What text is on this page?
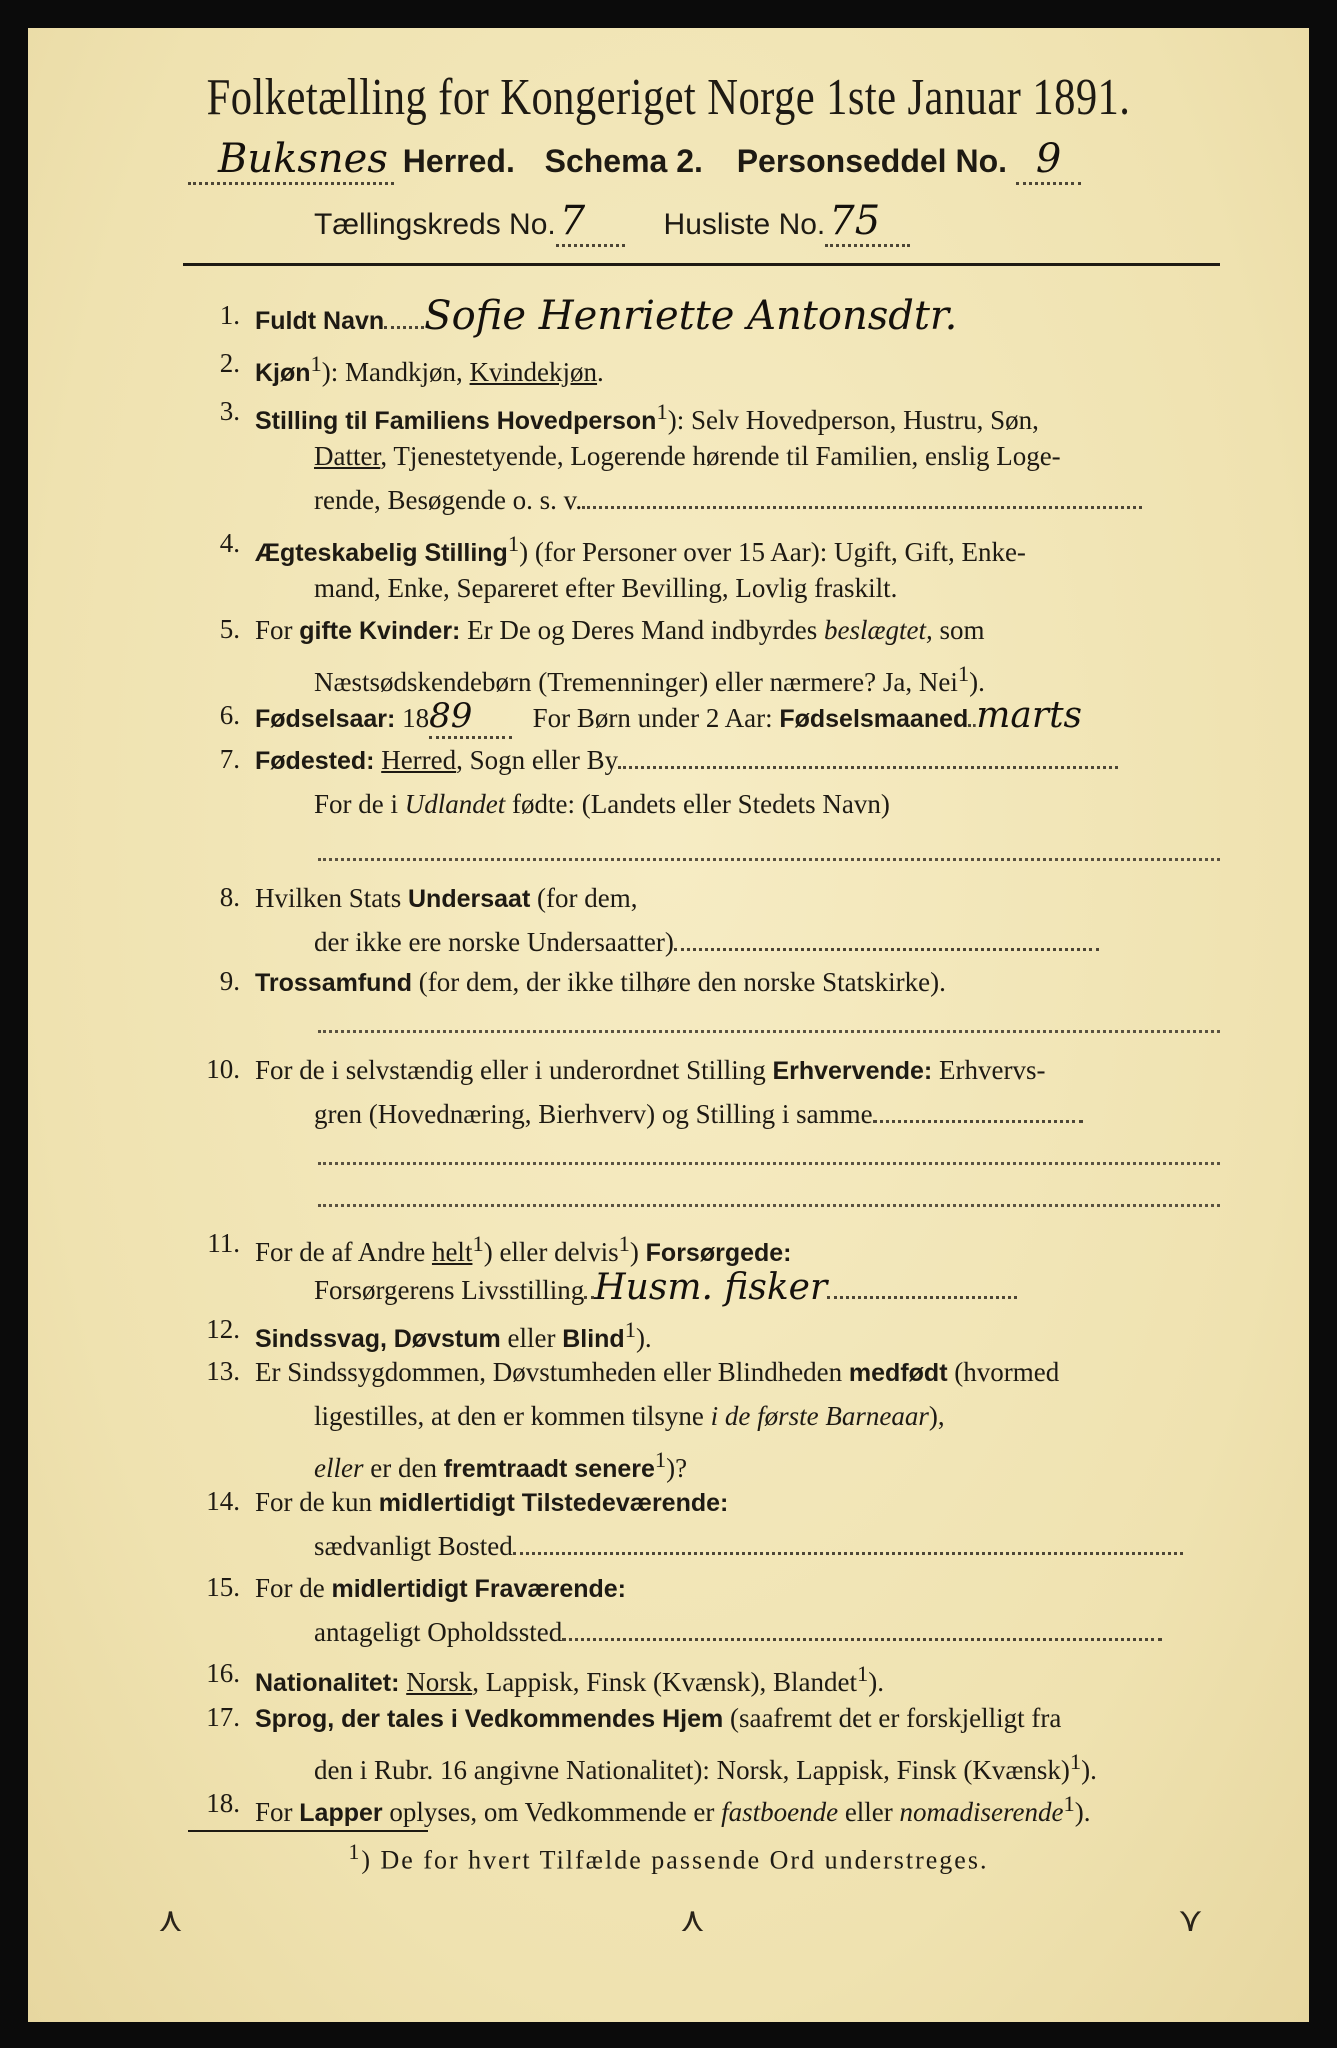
Folketælling for Kongeriget Norge 1ste Januar 1891.
Buksnes Herred. Schema 2. Personseddel No. 9
Tællingskreds No. 7	Husliste No. 75
1. Fuldt Navn Sofie Henriette Antonsdtr.
2. Kjøn$^1$): Mandkjøn, Kvindekjøn.
3. Stilling til Familiens Hovedperson$^1$): Selv Hovedperson, Hustru, Søn,
Datter, Tjenestetyende, Logerende hørende til Familien, enslig Loge-
rende, Besøgende o. s. v.
4. Ægteskabelig Stilling$^1$) (for Personer over 15 Aar): Ugift, Gift, Enke-
mand, Enke, Separeret efter Bevilling, Lovlig fraskilt.
5. For gifte Kvinder: Er De og Deres Mand indbyrdes beslægtet, som
Næstsødskendebørn (Tremenninger) eller nærmere? Ja, Nei$^1$).
6. Fødselsaar: 1889 For Børn under 2 Aar: Fødselsmaaned marts
7. Fødested: Herred, Sogn eller By
For de i Udlandet fødte: (Landets eller Stedets Navn)
8. Hvilken Stats Undersaat (for dem,
der ikke ere norske Undersaatter)
9. Trossamfund (for dem, der ikke tilhøre den norske Statskirke).
10. For de i selvstændig eller i underordnet Stilling Erhvervende: Erhvervs-
gren (Hovednæring, Bierhverv) og Stilling i samme
11. For de af Andre helt$^1$) eller delvis$^1$) Forsørgede:
Forsørgerens Livsstilling Husm. fisker
12. Sindssvag, Døvstum eller Blind$^1$).
13. Er Sindssygdommen, Døvstumheden eller Blindheden medfødt (hvormed
ligestilles, at den er kommen tilsyne i de første Barneaar),
eller er den fremtraadt senere$^1$)?
14. For de kun midlertidigt Tilstedeværende:
sædvanligt Bosted
15. For de midlertidigt Fraværende:
antageligt Opholdssted
16. Nationalitet: Norsk, Lappisk, Finsk (Kvænsk), Blandet$^1$).
17. Sprog, der tales i Vedkommendes Hjem (saafremt det er forskjelligt fra
den i Rubr. 16 angivne Nationalitet): Norsk, Lappisk, Finsk (Kvænsk)$^1$).
18. For Lapper oplyses, om Vedkommende er fastboende eller nomadiserende$^1$).
$^1$) De for hvert Tilfælde passende Ord understreges.
⋏	⋏	⋎
